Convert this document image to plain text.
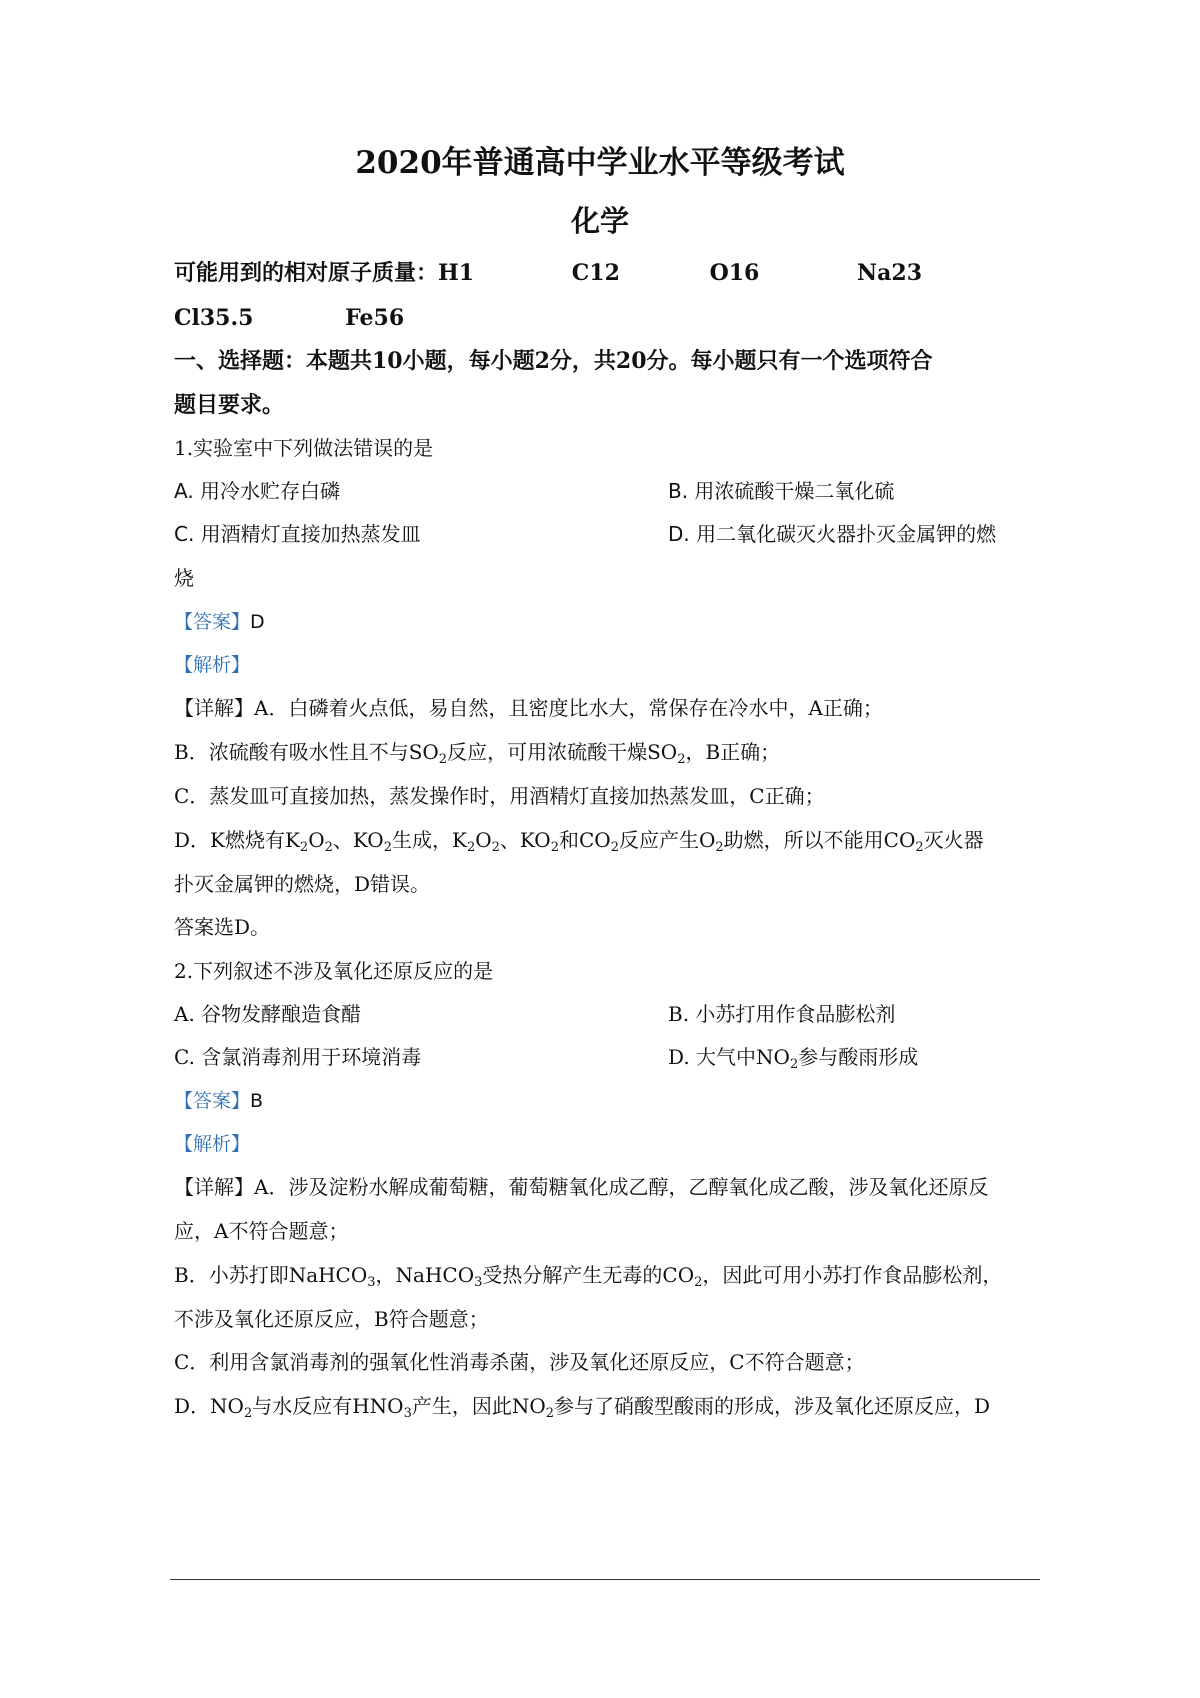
2020年普通高中学业水平等级考试
化学
可能用到的相对原子质量：H1	C12	O16	Na23
Cl35.5	Fe56
一、选择题：本题共10小题，每小题2分，共20分。每小题只有一个选项符合
题目要求。
1.实验室中下列做法错误的是
A. 用冷水贮存白磷	B. 用浓硫酸干燥二氧化硫
C. 用酒精灯直接加热蒸发皿	D. 用二氧化碳灭火器扑灭金属钾的燃
烧
【答案】D
【解析】
【详解】A．白磷着火点低，易自然，且密度比水大，常保存在冷水中，A正确；
B．浓硫酸有吸水性且不与$SO_2$反应，可用浓硫酸干燥$SO_2$，B正确；
C．蒸发皿可直接加热，蒸发操作时，用酒精灯直接加热蒸发皿，C正确；
D．K燃烧有$K_2O_2$、$KO_2$生成，$K_2O_2$、$KO_2$和$CO_2$反应产生$O_2$助燃，所以不能用$CO_2$灭火器
扑灭金属钾的燃烧，D错误。
答案选D。
2.下列叙述不涉及氧化还原反应的是
A. 谷物发酵酿造食醋	B. 小苏打用作食品膨松剂
C. 含氯消毒剂用于环境消毒	D. 大气中$NO_2$参与酸雨形成
【答案】B
【解析】
【详解】A．涉及淀粉水解成葡萄糖，葡萄糖氧化成乙醇，乙醇氧化成乙酸，涉及氧化还原反
应，A不符合题意；
B．小苏打即NaHCO$_3$，NaHCO$_3$受热分解产生无毒的$CO_2$，因此可用小苏打作食品膨松剂，
不涉及氧化还原反应，B符合题意；
C．利用含氯消毒剂的强氧化性消毒杀菌，涉及氧化还原反应，C不符合题意；
D．$NO_2$与水反应有$HNO_3$产生，因此$NO_2$参与了硝酸型酸雨的形成，涉及氧化还原反应，D
